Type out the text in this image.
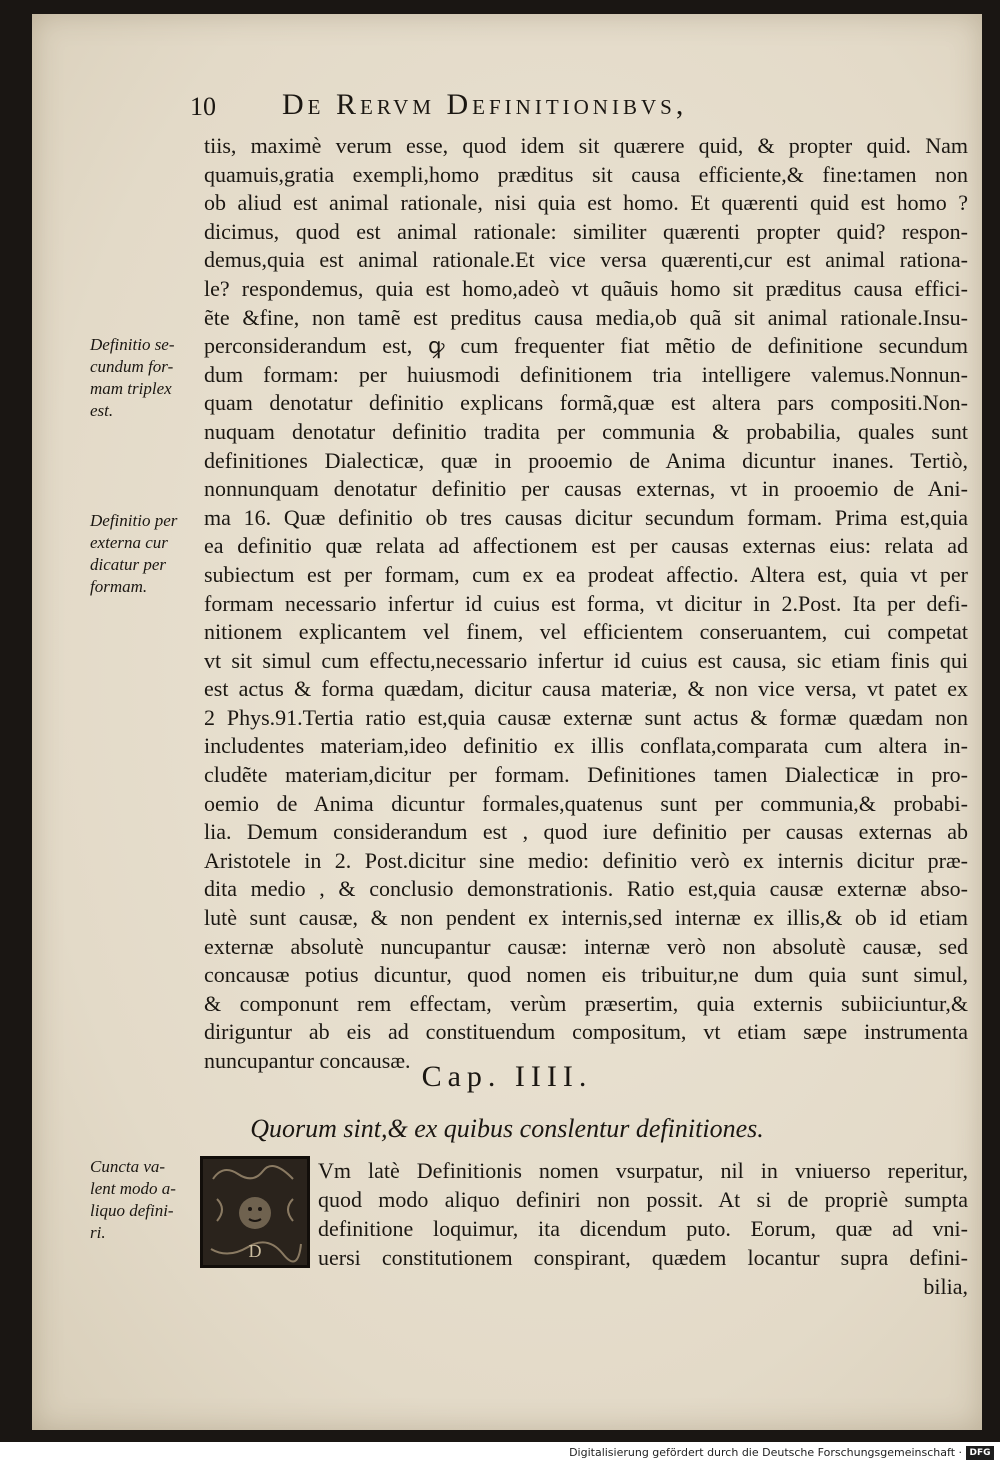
10 De Rervm Definitionibvs,
tiis, maximè verum esse, quod idem sit quærere quid, & propter quid. Nam
quamuis,gratia exempli,homo præditus sit causa efficiente,& fine:tamen non
ob aliud est animal rationale, nisi quia est homo. Et quærenti quid est homo ?
dicimus, quod est animal rationale: similiter quærenti propter quid? respon-
demus,quia est animal rationale.Et vice versa quærenti,cur est animal rationa-
le? respondemus, quia est homo,adeò vt quãuis homo sit præditus causa effici-
ẽte &fine, non tamẽ est preditus causa media,ob quã sit animal rationale.Insu-
perconsiderandum est, ꝙ cum frequenter fiat mẽtio de definitione secundum
dum formam: per huiusmodi definitionem tria intelligere valemus.Nonnun-
quam denotatur definitio explicans formã,quæ est altera pars compositi.Non-
nuquam denotatur definitio tradita per communia & probabilia, quales sunt
definitiones Dialecticæ, quæ in prooemio de Anima dicuntur inanes. Tertiò,
nonnunquam denotatur definitio per causas externas, vt in prooemio de Ani-
ma 16. Quæ definitio ob tres causas dicitur secundum formam. Prima est,quia
ea definitio quæ relata ad affectionem est per causas externas eius: relata ad
subiectum est per formam, cum ex ea prodeat affectio. Altera est, quia vt per
formam necessario infertur id cuius est forma, vt dicitur in 2.Post. Ita per defi-
nitionem explicantem vel finem, vel efficientem conseruantem, cui competat
vt sit simul cum effectu,necessario infertur id cuius est causa, sic etiam finis qui
est actus & forma quædam, dicitur causa materiæ, & non vice versa, vt patet ex
2 Phys.91.Tertia ratio est,quia causæ externæ sunt actus & formæ quædam non
includentes materiam,ideo definitio ex illis conflata,comparata cum altera in-
cludẽte materiam,dicitur per formam. Definitiones tamen Dialecticæ in pro-
oemio de Anima dicuntur formales,quatenus sunt per communia,& probabi-
lia. Demum considerandum est , quod iure definitio per causas externas ab
Aristotele in 2. Post.dicitur sine medio: definitio verò ex internis dicitur præ-
dita medio , & conclusio demonstrationis. Ratio est,quia causæ externæ abso-
lutè sunt causæ, & non pendent ex internis,sed internæ ex illis,& ob id etiam
externæ absolutè nuncupantur causæ: internæ verò non absolutè causæ, sed
concausæ potius dicuntur, quod nomen eis tribuitur,ne dum quia sunt simul,
& componunt rem effectam, verùm præsertim, quia externis subiiciuntur,&
diriguntur ab eis ad constituendum compositum, vt etiam sæpe instrumenta
nuncupantur concausæ.
Definitio se-
cundum for-
mam triplex
est.
Definitio per
externa cur
dicatur per
formam.
Cap. IIII.
Quorum sint,& ex quibus conslentur definitiones.
Cuncta va-
lent modo a-
liquo defini-
ri.
D
Vm latè Definitionis nomen vsurpatur, nil in vniuerso reperitur,
quod modo aliquo definiri non possit. At si de propriè sumpta
definitione loquimur, ita dicendum puto. Eorum, quæ ad vni-
uersi constitutionem conspirant, quædem locantur supra defini-
bilia,
Digitalisierung gefördert durch die Deutsche Forschungsgemeinschaft · DFG
